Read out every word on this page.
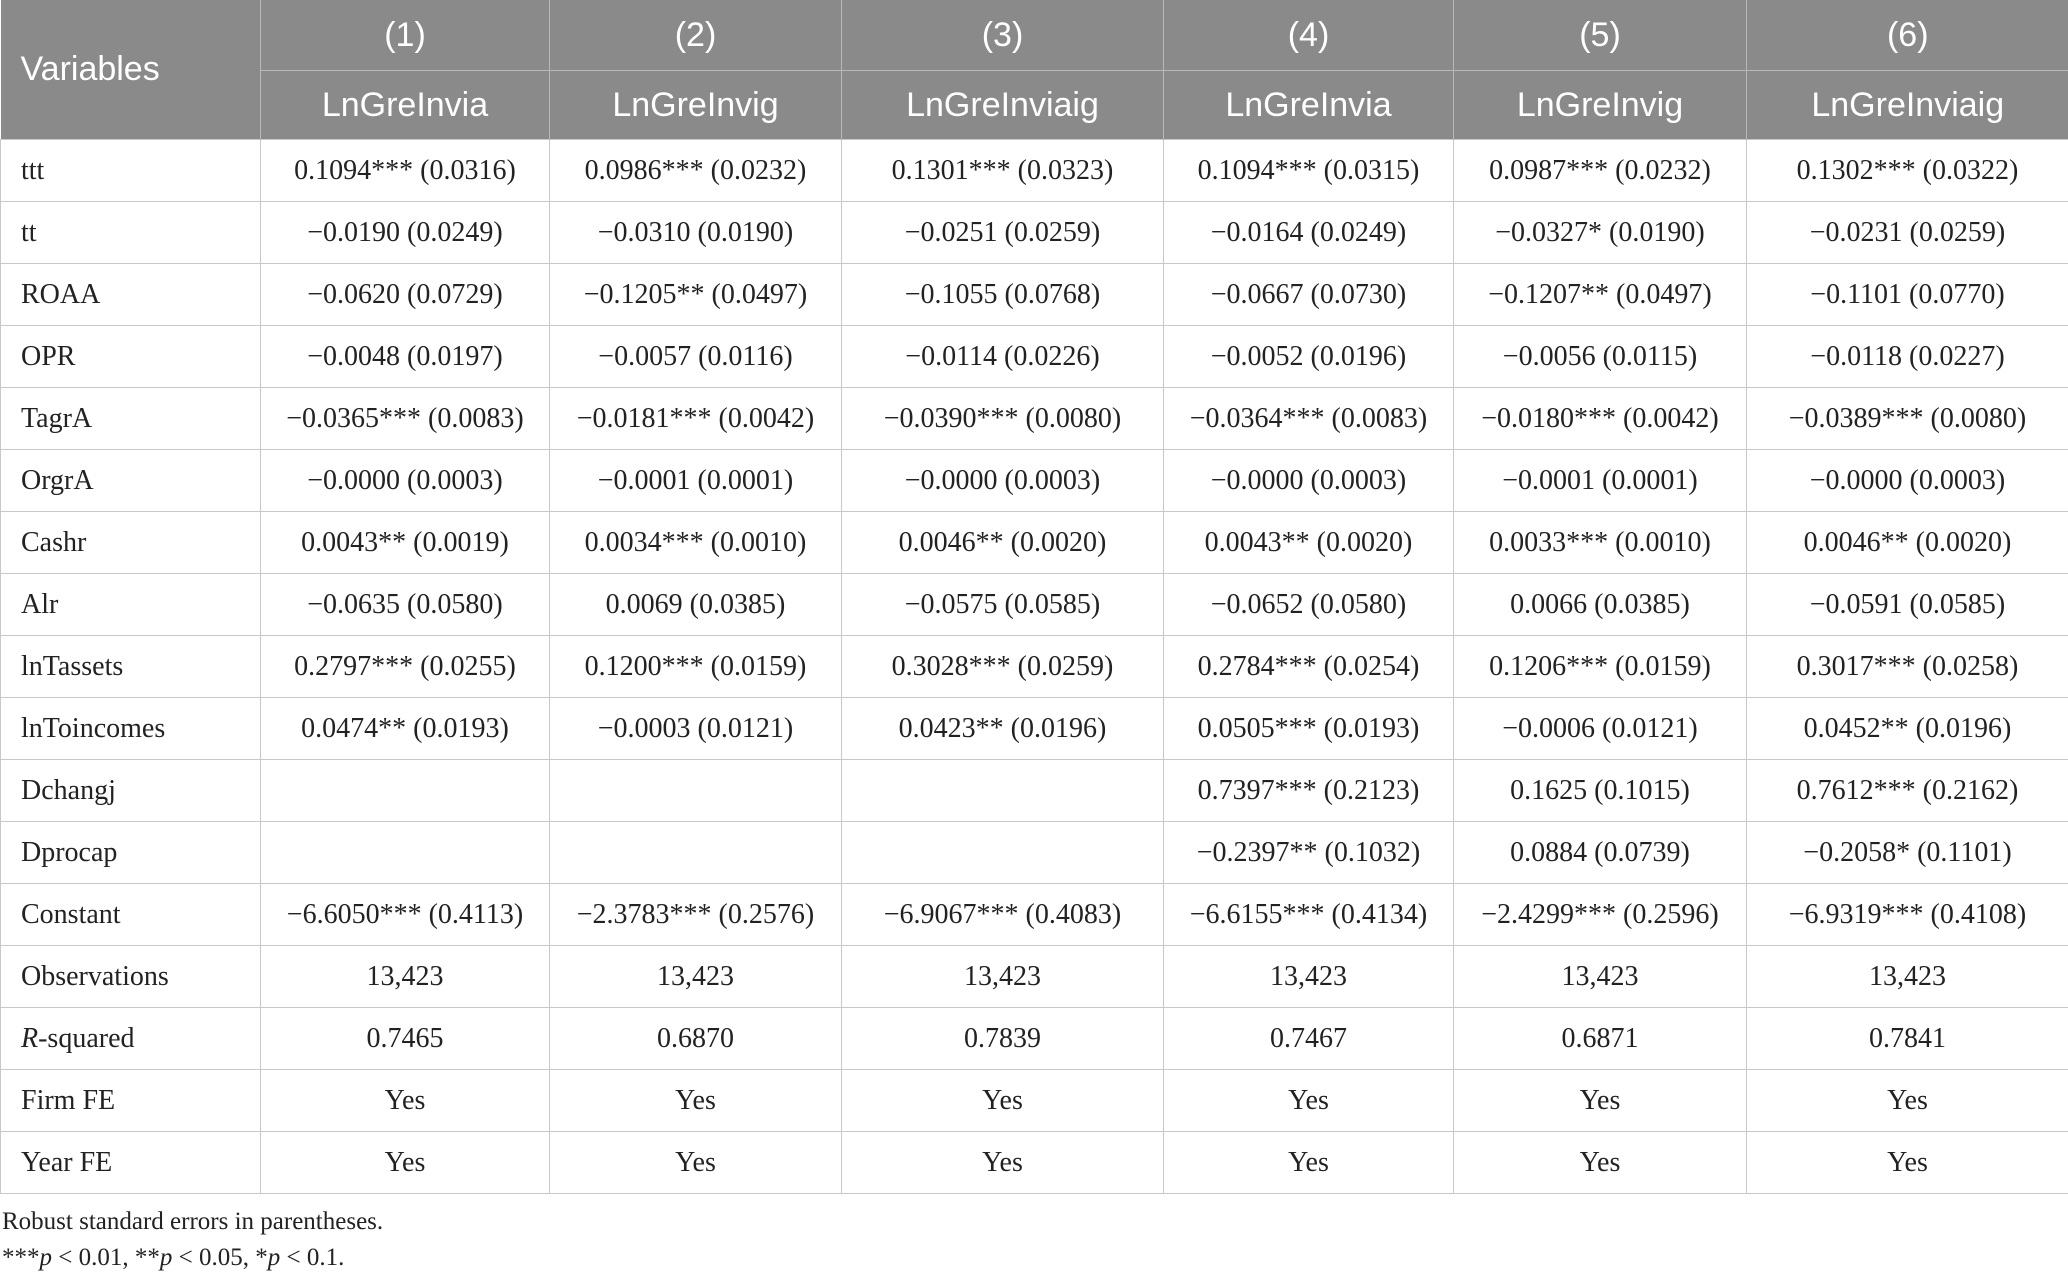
Variables	(1)	(2)	(3)	(4)	(5)	(6)
	LnGreInvia	LnGreInvig	LnGreInviaig	LnGreInvia	LnGreInvig	LnGreInviaig
ttt	0.1094*** (0.0316)	0.0986*** (0.0232)	0.1301*** (0.0323)	0.1094*** (0.0315)	0.0987*** (0.0232)	0.1302*** (0.0322)
tt	−0.0190 (0.0249)	−0.0310 (0.0190)	−0.0251 (0.0259)	−0.0164 (0.0249)	−0.0327* (0.0190)	−0.0231 (0.0259)
ROAA	−0.0620 (0.0729)	−0.1205** (0.0497)	−0.1055 (0.0768)	−0.0667 (0.0730)	−0.1207** (0.0497)	−0.1101 (0.0770)
OPR	−0.0048 (0.0197)	−0.0057 (0.0116)	−0.0114 (0.0226)	−0.0052 (0.0196)	−0.0056 (0.0115)	−0.0118 (0.0227)
TagrA	−0.0365*** (0.0083)	−0.0181*** (0.0042)	−0.0390*** (0.0080)	−0.0364*** (0.0083)	−0.0180*** (0.0042)	−0.0389*** (0.0080)
OrgrA	−0.0000 (0.0003)	−0.0001 (0.0001)	−0.0000 (0.0003)	−0.0000 (0.0003)	−0.0001 (0.0001)	−0.0000 (0.0003)
Cashr	0.0043** (0.0019)	0.0034*** (0.0010)	0.0046** (0.0020)	0.0043** (0.0020)	0.0033*** (0.0010)	0.0046** (0.0020)
Alr	−0.0635 (0.0580)	0.0069 (0.0385)	−0.0575 (0.0585)	−0.0652 (0.0580)	0.0066 (0.0385)	−0.0591 (0.0585)
lnTassets	0.2797*** (0.0255)	0.1200*** (0.0159)	0.3028*** (0.0259)	0.2784*** (0.0254)	0.1206*** (0.0159)	0.3017*** (0.0258)
lnToincomes	0.0474** (0.0193)	−0.0003 (0.0121)	0.0423** (0.0196)	0.0505*** (0.0193)	−0.0006 (0.0121)	0.0452** (0.0196)
Dchangj				0.7397*** (0.2123)	0.1625 (0.1015)	0.7612*** (0.2162)
Dprocap				−0.2397** (0.1032)	0.0884 (0.0739)	−0.2058* (0.1101)
Constant	−6.6050*** (0.4113)	−2.3783*** (0.2576)	−6.9067*** (0.4083)	−6.6155*** (0.4134)	−2.4299*** (0.2596)	−6.9319*** (0.4108)
Observations	13,423	13,423	13,423	13,423	13,423	13,423
R-squared	0.7465	0.6870	0.7839	0.7467	0.6871	0.7841
Firm FE	Yes	Yes	Yes	Yes	Yes	Yes
Year FE	Yes	Yes	Yes	Yes	Yes	Yes
Robust standard errors in parentheses.
***p < 0.01, **p < 0.05, *p < 0.1.
